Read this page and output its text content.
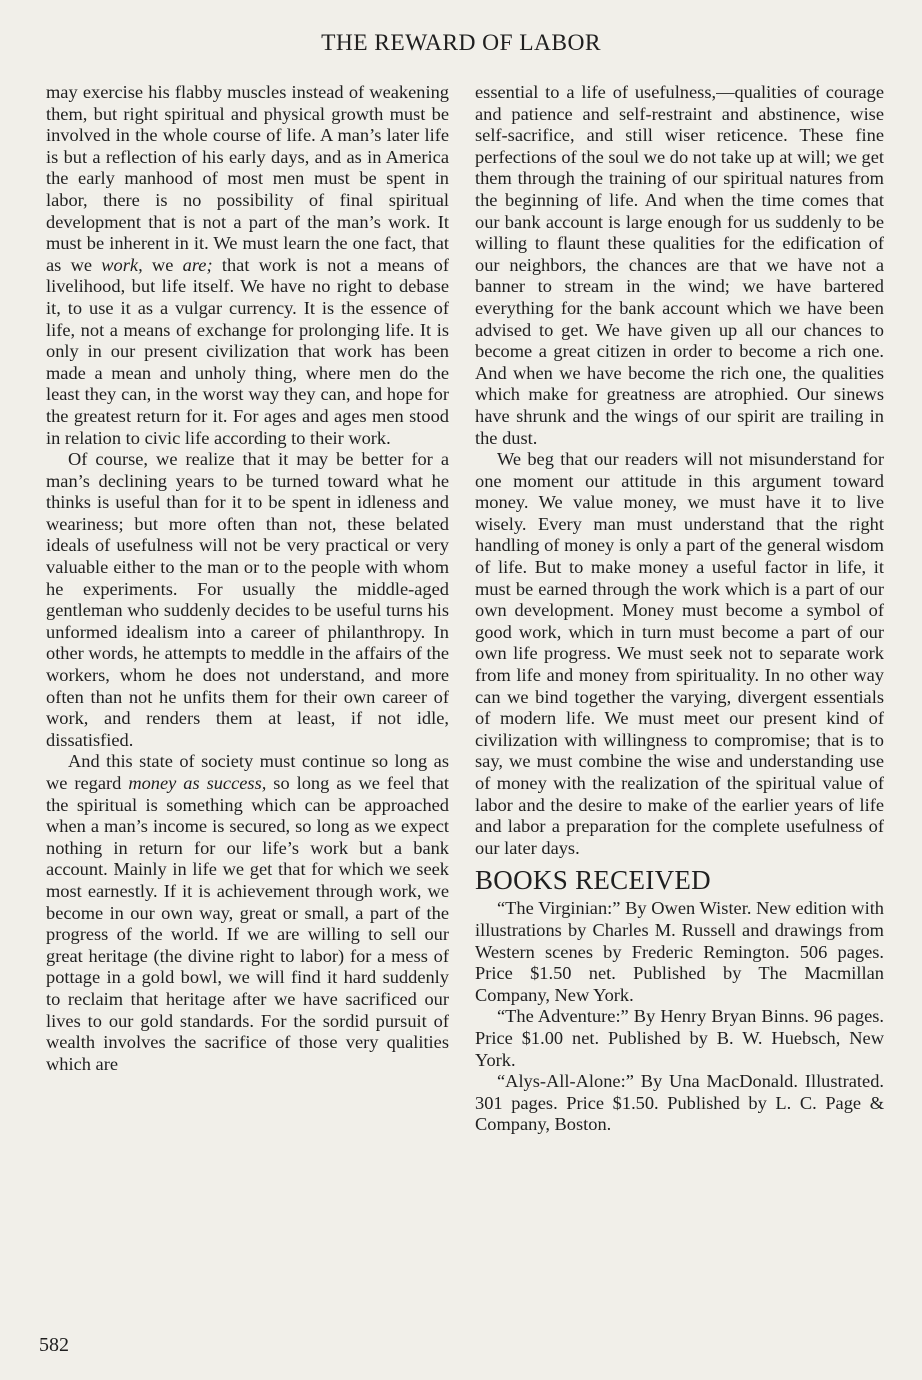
THE REWARD OF LABOR

may exercise his flabby muscles instead of weakening them, but right spiritual and physical growth must be involved in the whole course of life. A man’s later life is but a reflection of his early days, and as in America the early manhood of most men must be spent in labor, there is no possibility of final spiritual development that is not a part of the man’s work. It must be inherent in it. We must learn the one fact, that as we work, we are; that work is not a means of livelihood, but life itself. We have no right to debase it, to use it as a vulgar currency. It is the essence of life, not a means of exchange for prolonging life. It is only in our present civilization that work has been made a mean and unholy thing, where men do the least they can, in the worst way they can, and hope for the greatest return for it. For ages and ages men stood in relation to civic life according to their work.

Of course, we realize that it may be better for a man’s declining years to be turned toward what he thinks is useful than for it to be spent in idleness and weariness; but more often than not, these belated ideals of usefulness will not be very practical or very valuable either to the man or to the people with whom he experiments. For usually the middle-aged gentleman who suddenly decides to be useful turns his unformed idealism into a career of philanthropy. In other words, he attempts to meddle in the affairs of the workers, whom he does not understand, and more often than not he unfits them for their own career of work, and renders them at least, if not idle, dissatisfied.

And this state of society must continue so long as we regard money as success, so long as we feel that the spiritual is something which can be approached when a man’s income is secured, so long as we expect nothing in return for our life’s work but a bank account. Mainly in life we get that for which we seek most earnestly. If it is achievement through work, we become in our own way, great or small, a part of the progress of the world. If we are willing to sell our great heritage (the divine right to labor) for a mess of pottage in a gold bowl, we will find it hard suddenly to reclaim that heritage after we have sacrificed our lives to our gold standards. For the sordid pursuit of wealth involves the sacrifice of those very qualities which are

essential to a life of usefulness,—qualities of courage and patience and self-restraint and abstinence, wise self-sacrifice, and still wiser reticence. These fine perfections of the soul we do not take up at will; we get them through the training of our spiritual natures from the beginning of life. And when the time comes that our bank account is large enough for us suddenly to be willing to flaunt these qualities for the edification of our neighbors, the chances are that we have not a banner to stream in the wind; we have bartered everything for the bank account which we have been advised to get. We have given up all our chances to become a great citizen in order to become a rich one. And when we have become the rich one, the qualities which make for greatness are atrophied. Our sinews have shrunk and the wings of our spirit are trailing in the dust.

We beg that our readers will not misunderstand for one moment our attitude in this argument toward money. We value money, we must have it to live wisely. Every man must understand that the right handling of money is only a part of the general wisdom of life. But to make money a useful factor in life, it must be earned through the work which is a part of our own development. Money must become a symbol of good work, which in turn must become a part of our own life progress. We must seek not to separate work from life and money from spirituality. In no other way can we bind together the varying, divergent essentials of modern life. We must meet our present kind of civilization with willingness to compromise; that is to say, we must combine the wise and understanding use of money with the realization of the spiritual value of labor and the desire to make of the earlier years of life and labor a preparation for the complete usefulness of our later days.

BOOKS RECEIVED

“The Virginian:” By Owen Wister. New edition with illustrations by Charles M. Russell and drawings from Western scenes by Frederic Remington. 506 pages. Price $1.50 net. Published by The Macmillan Company, New York.

“The Adventure:” By Henry Bryan Binns. 96 pages. Price $1.00 net. Published by B. W. Huebsch, New York.

“Alys-All-Alone:” By Una MacDonald. Illustrated. 301 pages. Price $1.50. Published by L. C. Page & Company, Boston.

582
